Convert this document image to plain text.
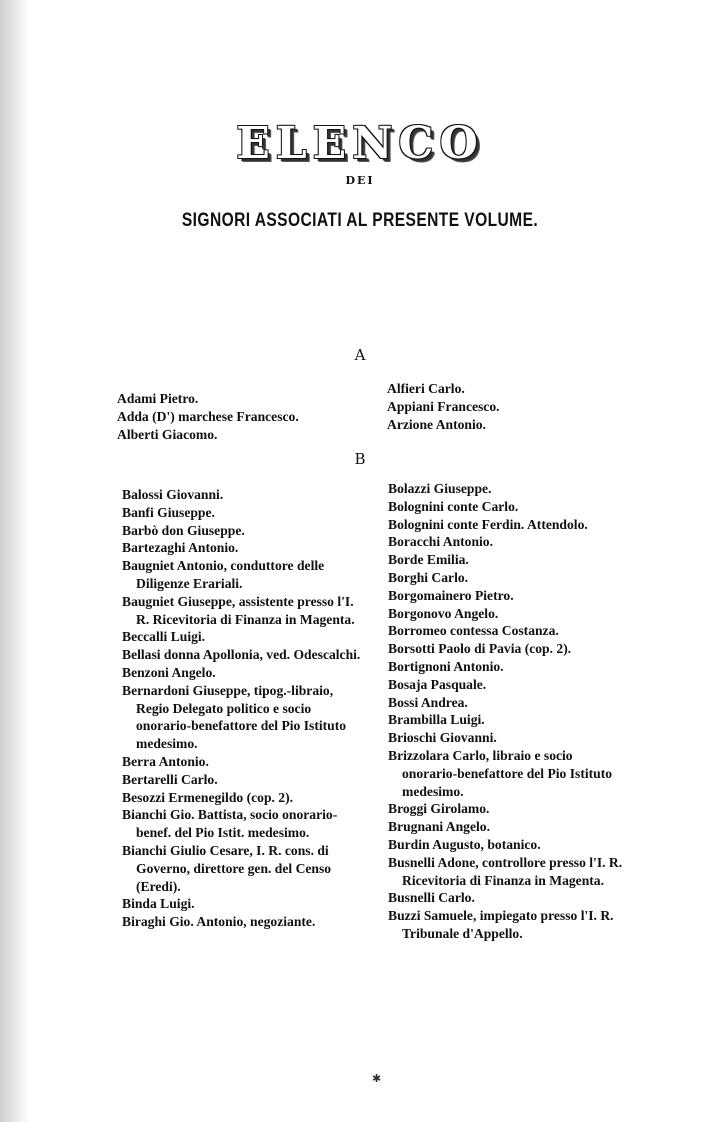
ELENCO
DEI
SIGNORI ASSOCIATI AL PRESENTE VOLUME.
A
Adami Pietro.
Adda (D') marchese Francesco.
Alberti Giacomo.
Alfieri Carlo.
Appiani Francesco.
Arzione Antonio.
B
Balossi Giovanni.
Banfi Giuseppe.
Barbò don Giuseppe.
Bartezaghi Antonio.
Baugniet Antonio, conduttore delle Diligenze Erariali.
Baugniet Giuseppe, assistente presso l'I. R. Ricevitoria di Finanza in Magenta.
Beccalli Luigi.
Bellasi donna Apollonia, ved. Odescalchi.
Benzoni Angelo.
Bernardoni Giuseppe, tipog.-libraio, Regio Delegato politico e socio onorario-benefattore del Pio Istituto medesimo.
Berra Antonio.
Bertarelli Carlo.
Besozzi Ermenegildo (cop. 2).
Bianchi Gio. Battista, socio onorario-benef. del Pio Istit. medesimo.
Bianchi Giulio Cesare, I. R. cons. di Governo, direttore gen. del Censo (Eredi).
Binda Luigi.
Biraghi Gio. Antonio, negoziante.
Bolazzi Giuseppe.
Bolognini conte Carlo.
Bolognini conte Ferdin. Attendolo.
Boracchi Antonio.
Borde Emilia.
Borghi Carlo.
Borgomainero Pietro.
Borgonovo Angelo.
Borromeo contessa Costanza.
Borsotti Paolo di Pavia (cop. 2).
Bortignoni Antonio.
Bosaja Pasquale.
Bossi Andrea.
Brambilla Luigi.
Brioschi Giovanni.
Brizzolara Carlo, libraio e socio onorario-benefattore del Pio Istituto medesimo.
Broggi Girolamo.
Brugnani Angelo.
Burdin Augusto, botanico.
Busnelli Adone, controllore presso l'I. R. Ricevitoria di Finanza in Magenta.
Busnelli Carlo.
Buzzi Samuele, impiegato presso l'I. R. Tribunale d'Appello.
✱
